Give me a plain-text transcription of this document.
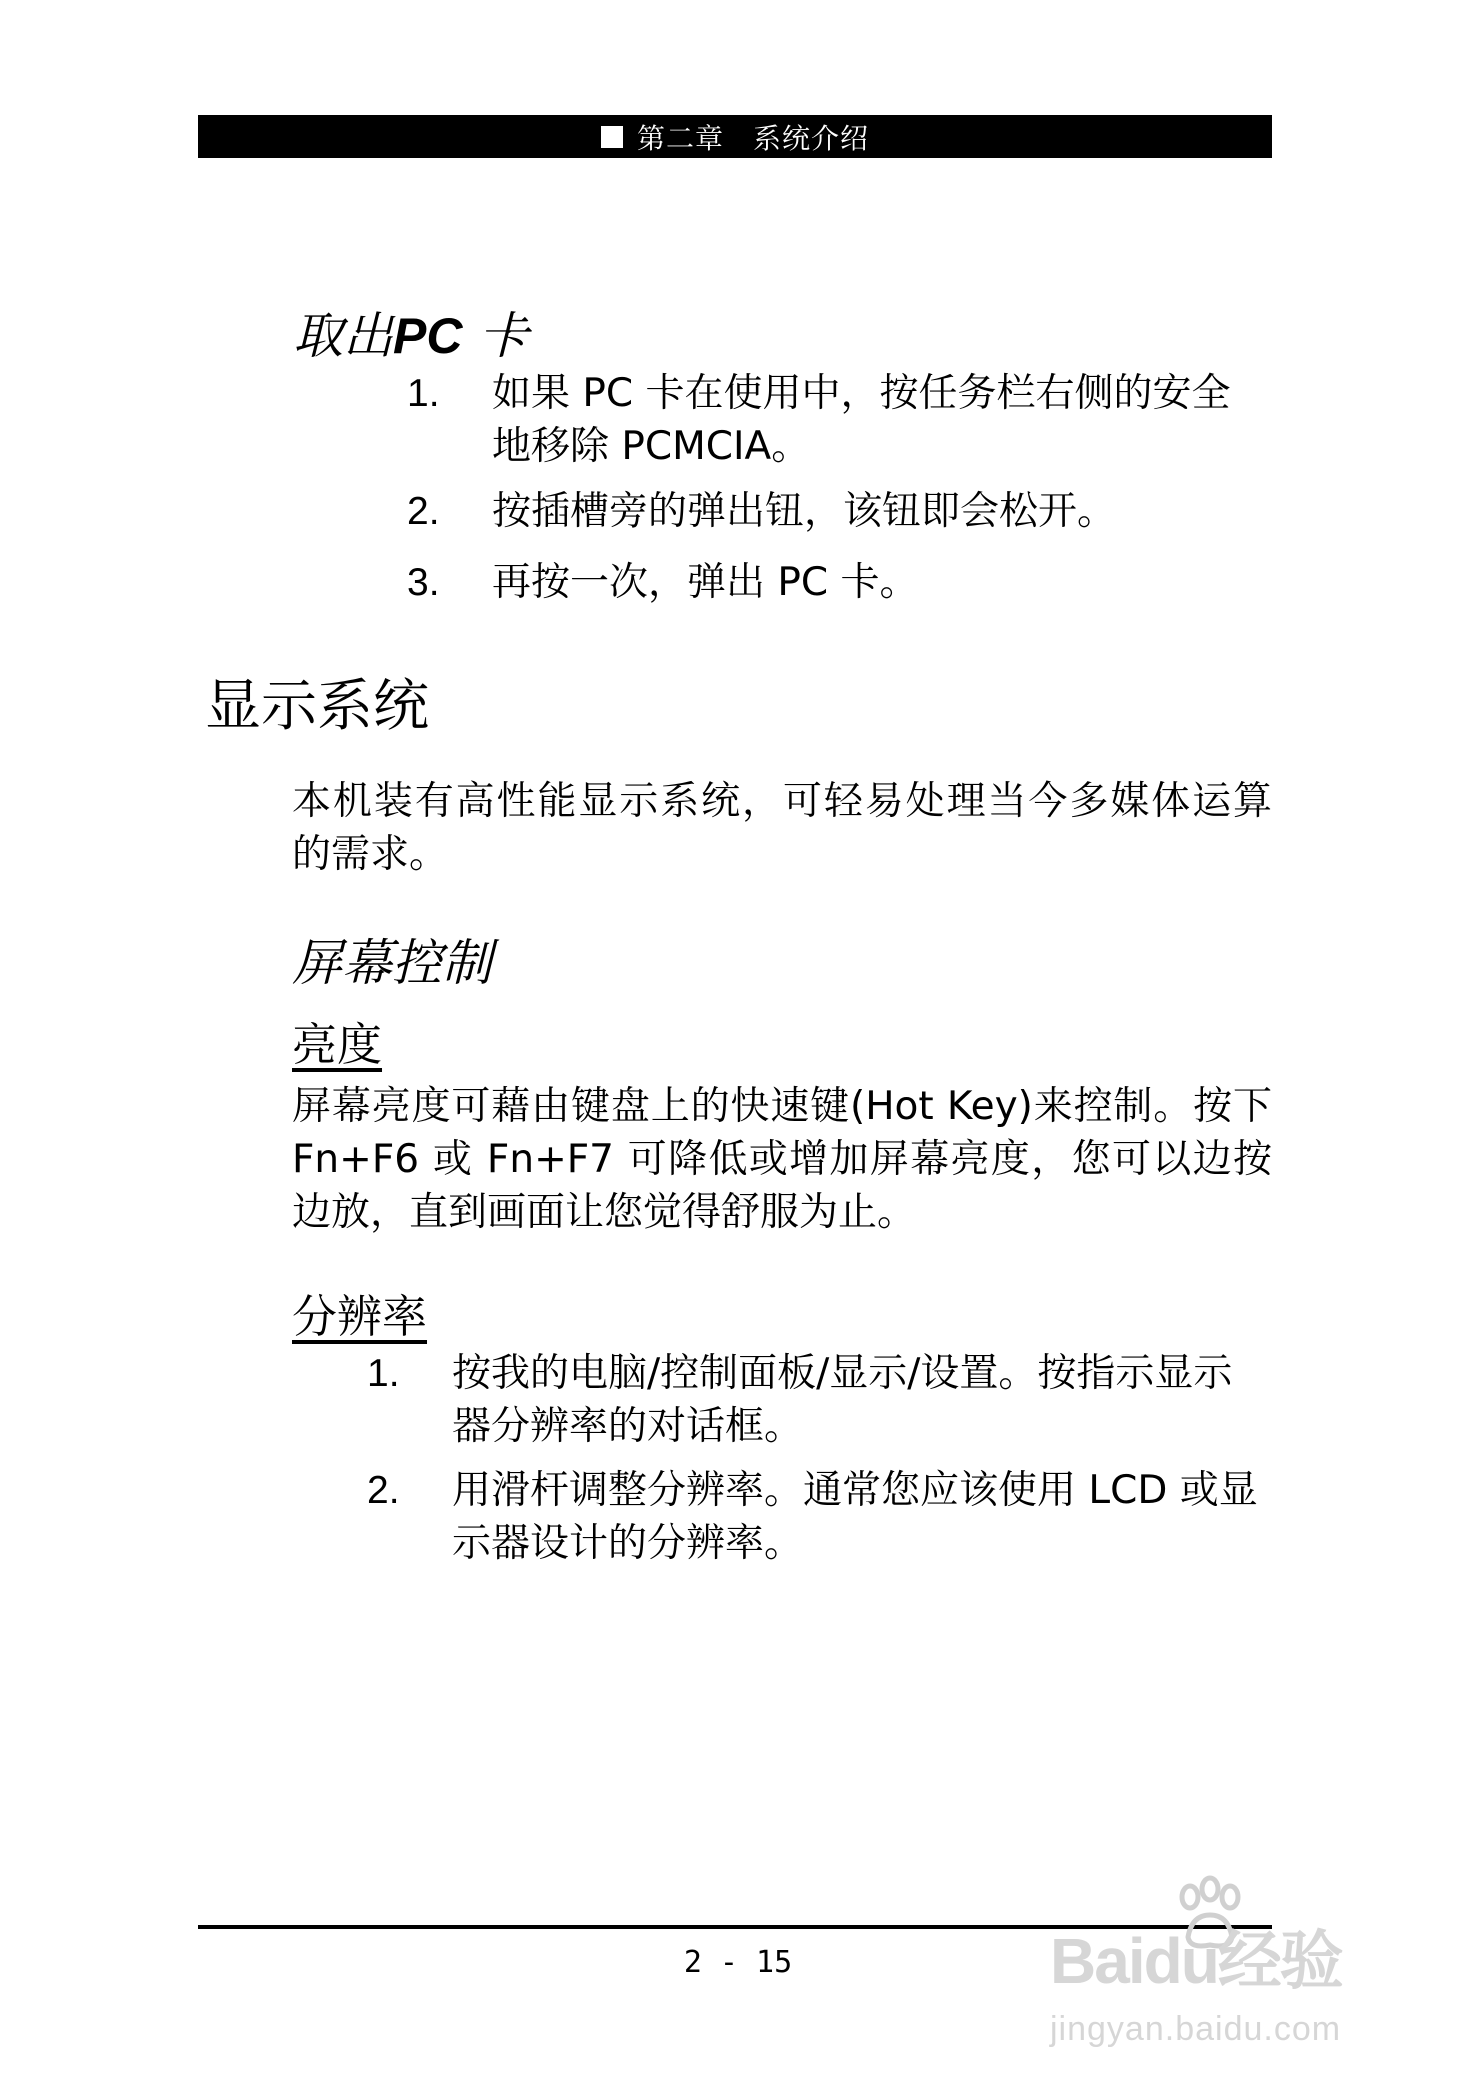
第二章　系统介绍
取出PC 卡
1. 如果 PC 卡在使用中，按任务栏右侧的安全
地移除 PCMCIA。
2. 按插槽旁的弹出钮，该钮即会松开。
3. 再按一次，弹出 PC 卡。
显示系统
本机装有高性能显示系统，可轻易处理当今多媒体运算
的需求。
屏幕控制
亮度
屏幕亮度可藉由键盘上的快速键(Hot Key)来控制。按下
Fn+F6 或 Fn+F7 可降低或增加屏幕亮度，您可以边按
边放，直到画面让您觉得舒服为止。
分辨率
1. 按我的电脑/控制面板/显示/设置。按指示显示
器分辨率的对话框。
2. 用滑杆调整分辨率。通常您应该使用 LCD 或显
示器设计的分辨率。
2 - 15	Baidu经验
jingyan.baidu.com
